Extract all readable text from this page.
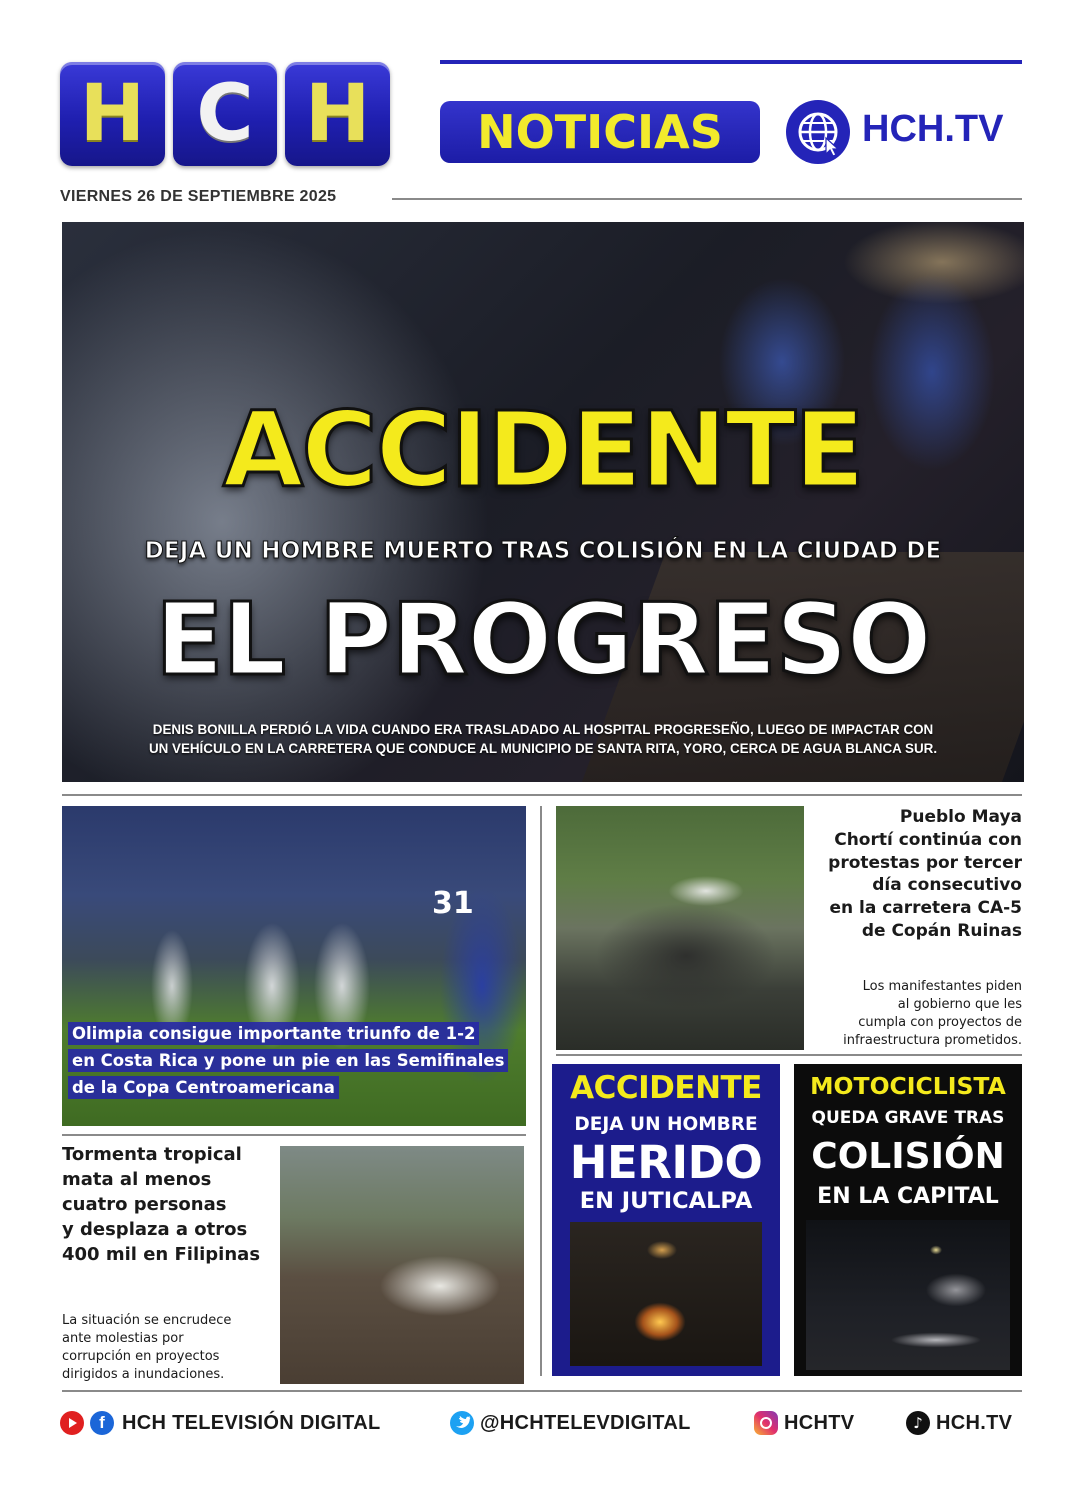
H C H	NOTICIAS	HCH.TV
VIERNES 26 DE SEPTIEMBRE 2025
ACCIDENTE
DEJA UN HOMBRE MUERTO TRAS COLISIÓN EN LA CIUDAD DE
EL PROGRESO
DENIS BONILLA PERDIÓ LA VIDA CUANDO ERA TRASLADADO AL HOSPITAL PROGRESEÑO, LUEGO DE IMPACTAR CON
UN VEHÍCULO EN LA CARRETERA QUE CONDUCE AL MUNICIPIO DE SANTA RITA, YORO, CERCA DE AGUA BLANCA SUR.
31
Olimpia consigue importante triunfo de 1-2
en Costa Rica y pone un pie en las Semifinales
de la Copa Centroamericana
Pueblo Maya
Chortí continúa con
protestas por tercer
día consecutivo
en la carretera CA-5
de Copán Ruinas
Los manifestantes piden
al gobierno que les
cumpla con proyectos de
infraestructura prometidos.
Tormenta tropical
mata al menos
cuatro personas
y desplaza a otros
400 mil en Filipinas
La situación se encrudece
ante molestias por
corrupción en proyectos
dirigidos a inundaciones.
ACCIDENTE
DEJA UN HOMBRE
HERIDO
EN JUTICALPA
MOTOCICLISTA
QUEDA GRAVE TRAS
COLISIÓN
EN LA CAPITAL
f HCH TELEVISIÓN DIGITAL	@HCHTELEVDIGITAL	HCHTV	♪ HCH.TV
